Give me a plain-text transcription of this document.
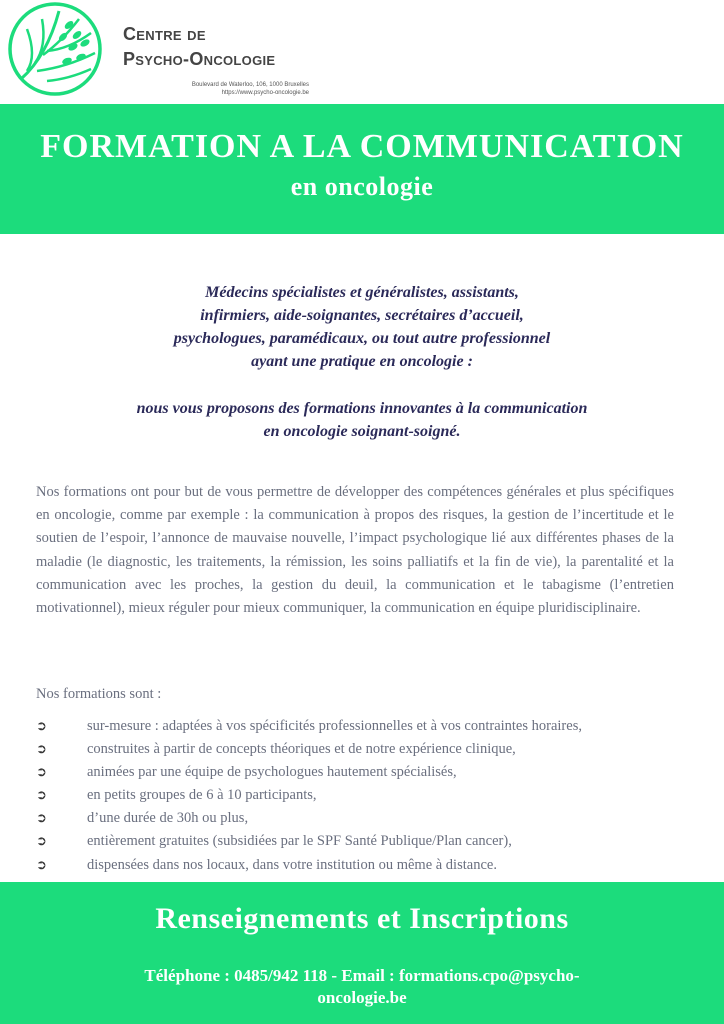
Centre de
Psycho-Oncologie
Boulevard de Waterloo, 106, 1000 Bruxelles
https://www.psycho-oncologie.be
FORMATION A LA COMMUNICATION
en oncologie
Médecins spécialistes et généralistes, assistants,
infirmiers, aide-soignantes, secrétaires d’accueil,
psychologues, paramédicaux, ou tout autre professionnel
ayant une pratique en oncologie :
nous vous proposons des formations innovantes à la communication
en oncologie soignant-soigné.

Nos formations ont pour but de vous permettre de développer des compétences générales et plus spécifiques en oncologie, comme par exemple : la communication à propos des risques, la gestion de l’incertitude et le soutien de l’espoir, l’annonce de mauvaise nouvelle, l’impact psychologique lié aux différentes phases de la maladie (le diagnostic, les traitements, la rémission, les soins palliatifs et la fin de vie), la parentalité et la communication avec les proches, la gestion du deuil, la communication et le tabagisme (l’entretien motivationnel), mieux réguler pour mieux communiquer, la communication en équipe pluridisciplinaire.

Nos formations sont :
➲	sur-mesure : adaptées à vos spécificités professionnelles et à vos contraintes horaires,
➲	construites à partir de concepts théoriques et de notre expérience clinique,
➲	animées par une équipe de psychologues hautement spécialisés,
➲	en petits groupes de 6 à 10 participants,
➲	d’une durée de 30h ou plus,
➲	entièrement gratuites (subsidiées par le SPF Santé Publique/Plan cancer),
➲	dispensées dans nos locaux, dans votre institution ou même à distance.
Renseignements et Inscriptions
Téléphone : 0485/942 118 - Email : formations.cpo@psycho-
oncologie.be
